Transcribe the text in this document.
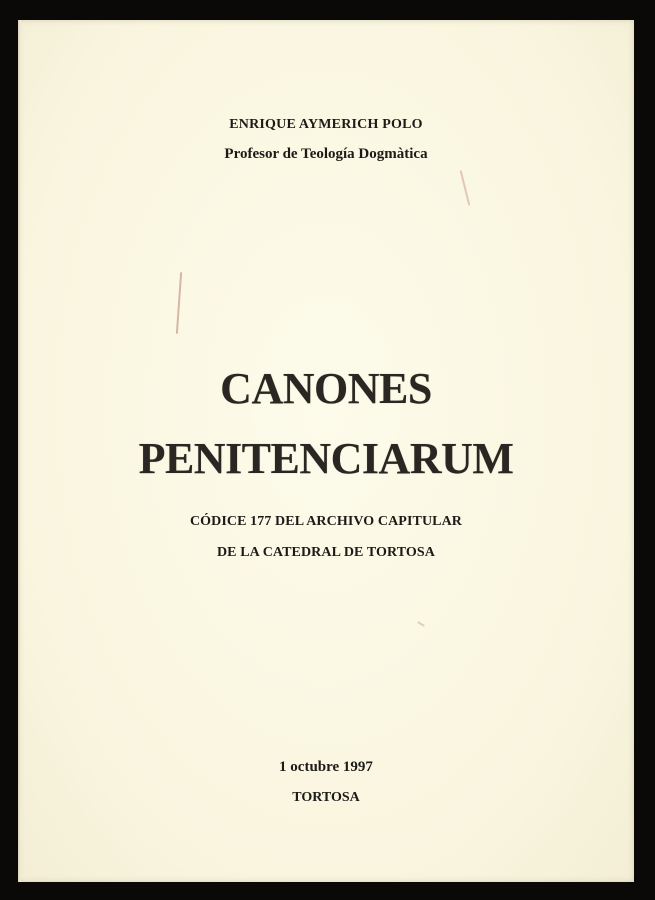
ENRIQUE AYMERICH POLO
Profesor de Teología Dogmàtica
CANONES
PENITENCIARUM
CÓDICE 177 DEL ARCHIVO CAPITULAR
DE LA CATEDRAL DE TORTOSA
1 octubre 1997
TORTOSA
